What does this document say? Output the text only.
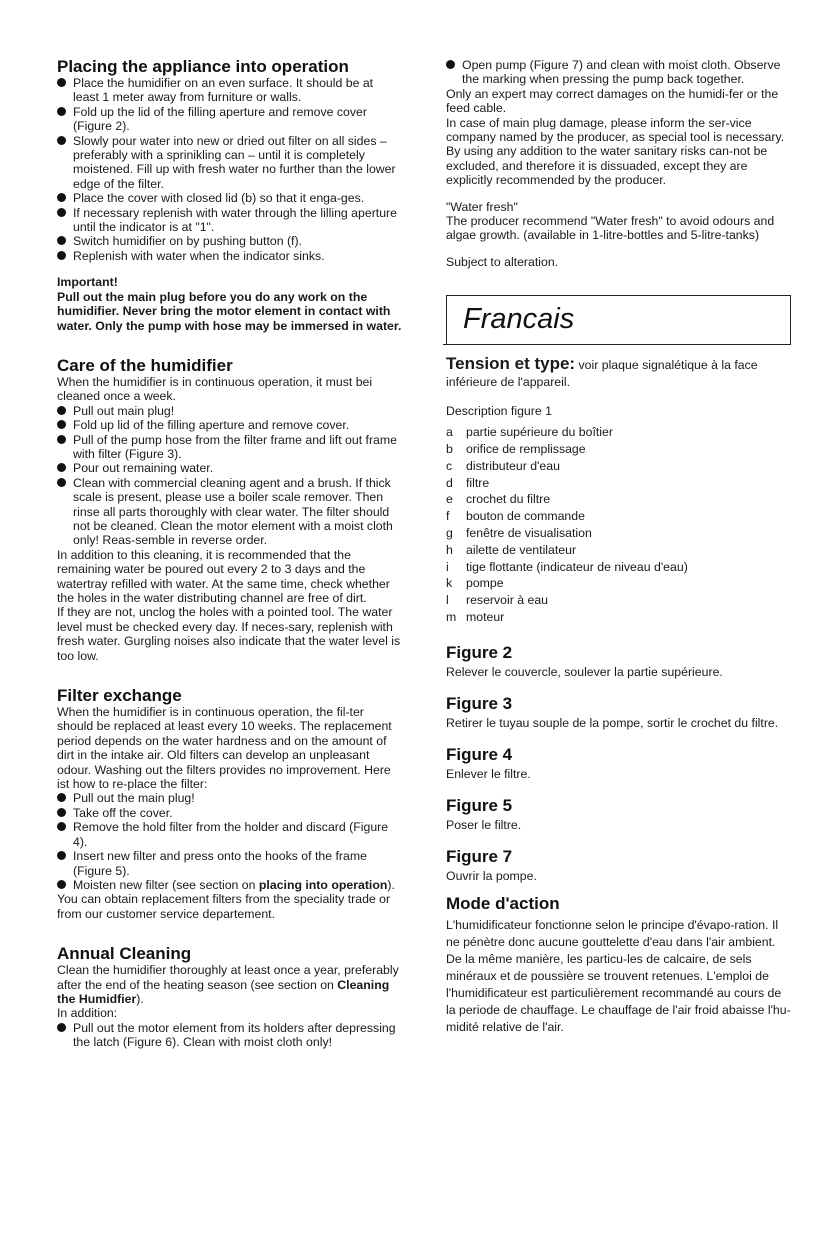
Placing the appliance into operation
Place the humidifier on an even surface. It should be at least 1 meter away from furniture or walls.
Fold up the lid of the filling aperture and remove cover (Figure 2).
Slowly pour water into new or dried out filter on all sides – preferably with a sprinikling can – until it is completely moistened. Fill up with fresh water no further than the lower edge of the filter.
Place the cover with closed lid (b) so that it enga-ges.
If necessary replenish with water through the lilling aperture until the indicator is at "1".
Switch humidifier on by pushing button (f).
Replenish with water when the indicator sinks.

Important!

Pull out the main plug before you do any work on the humidifier. Never bring the motor element in contact with water. Only the pump with hose may be immersed in water.

Care of the humidifier

When the humidifier is in continuous operation, it must bei cleaned once a week.

Pull out main plug!
Fold up lid of the filling aperture and remove cover.
Pull of the pump hose from the filter frame and lift out frame with filter (Figure 3).
Pour out remaining water.
Clean with commercial cleaning agent and a brush. If thick scale is present, please use a boiler scale remover. Then rinse all parts thoroughly with clear water. The filter should not be cleaned. Clean the motor element with a moist cloth only! Reas-semble in reverse order.

In addition to this cleaning, it is recommended that the remaining water be poured out every 2 to 3 days and the watertray refilled with water. At the same time, check whether the holes in the water distributing channel are free of dirt.

If they are not, unclog the holes with a pointed tool. The water level must be checked every day. If neces-sary, replenish with fresh water. Gurgling noises also indicate that the water level is too low.

Filter exchange

When the humidifier is in continuous operation, the fil-ter should be replaced at least every 10 weeks. The replacement period depends on the water hardness and on the amount of dirt in the intake air. Old filters can develop an unpleasant odour. Washing out the filters provides no improvement. Here ist how to re-place the filter:

Pull out the main plug!
Take off the cover.
Remove the hold filter from the holder and discard (Figure 4).
Insert new filter and press onto the hooks of the frame (Figure 5).
Moisten new filter (see section on placing into operation).

You can obtain replacement filters from the speciality trade or from our customer service departement.

Annual Cleaning

Clean the humidifier thoroughly at least once a year, preferably after the end of the heating season (see section on Cleaning the Humidfier).

In addition:

Pull out the motor element from its holders after depressing the latch (Figure 6). Clean with moist cloth only!
Open pump (Figure 7) and clean with moist cloth. Observe the marking when pressing the pump back together.

Only an expert may correct damages on the humidi-fer or the feed cable.

In case of main plug damage, please inform the ser-vice company named by the producer, as special tool is necessary.

By using any addition to the water sanitary risks can-not be excluded, and therefore it is dissuaded, except they are explicitly recommended by the producer.

"Water fresh"

The producer recommend "Water fresh" to avoid odours and algae growth. (available in 1-litre-bottles and 5-litre-tanks)

Subject to alteration.

Francais

Tension et type: voir plaque signalétique à la face inférieure de l'appareil.

Description figure 1

a	partie supérieure du boîtier
b	orifice de remplissage
c	distributeur d'eau
d	filtre
e	crochet du filtre
f	bouton de commande
g	fenêtre de visualisation
h	ailette de ventilateur
i	tige flottante (indicateur de niveau d'eau)
k	pompe
l	reservoir à eau
m moteur
Figure 2

Relever le couvercle, soulever la partie supérieure.

Figure 3

Retirer le tuyau souple de la pompe, sortir le crochet du filtre.

Figure 4

Enlever le filtre.

Figure 5

Poser le filtre.

Figure 7

Ouvrir la pompe.

Mode d'action

L'humidificateur fonctionne selon le principe d'évapo-ration. Il ne pénètre donc aucune gouttelette d'eau dans l'air ambient. De la même manière, les particu-les de calcaire, de sels minéraux et de poussière se trouvent retenues. L'emploi de l'humidificateur est particulièrement recommandé au cours de la periode de chauffage. Le chauffage de l'air froid abaisse l'hu-midité relative de l'air.
